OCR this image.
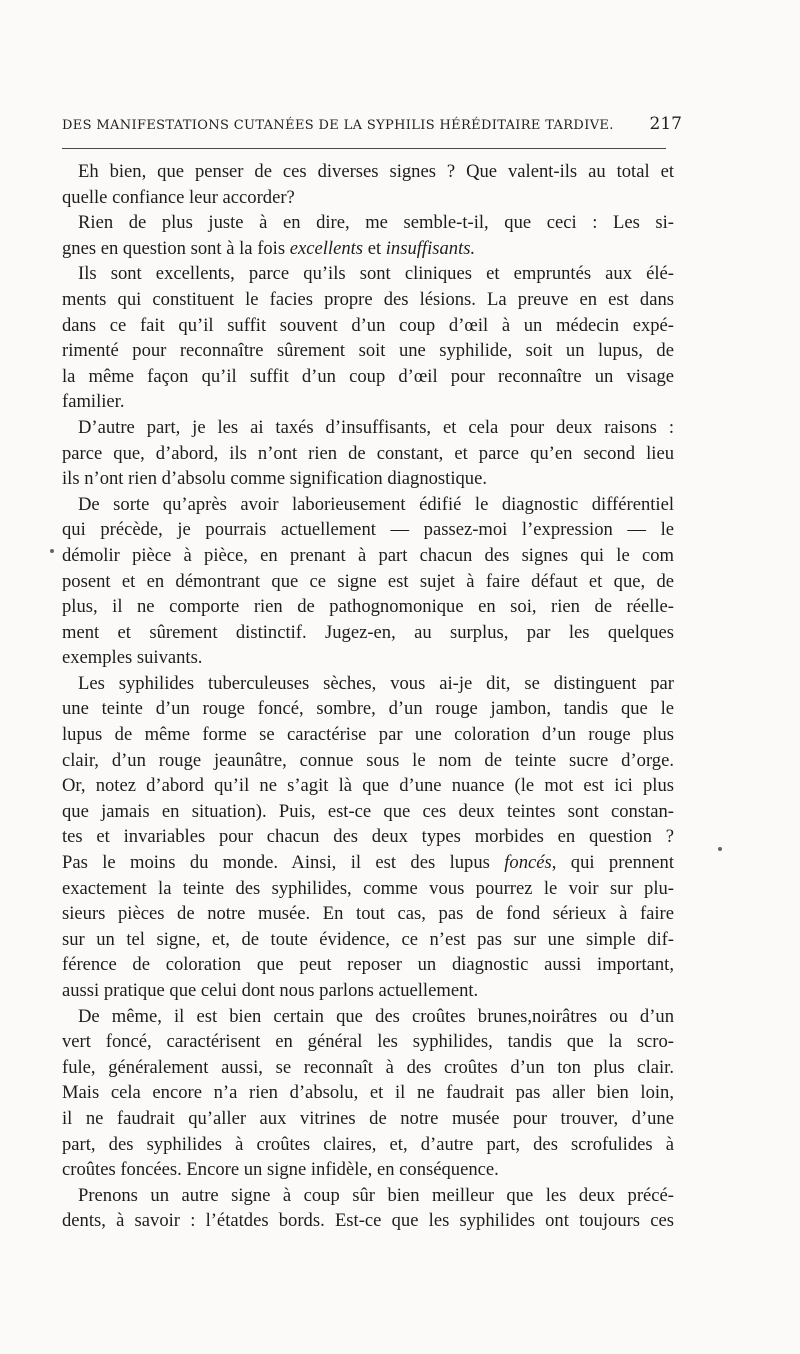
DES MANIFESTATIONS CUTANÉES DE LA SYPHILIS HÉRÉDITAIRE TARDIVE. 217
Eh bien, que penser de ces diverses signes ? Que valent-ils au total et
quelle confiance leur accorder?
Rien de plus juste à en dire, me semble-t-il, que ceci : Les si-
gnes en question sont à la fois excellents et insuffisants.
Ils sont excellents, parce qu’ils sont cliniques et empruntés aux élé-
ments qui constituent le facies propre des lésions. La preuve en est dans
dans ce fait qu’il suffit souvent d’un coup d’œil à un médecin expé-
rimenté pour reconnaître sûrement soit une syphilide, soit un lupus, de
la même façon qu’il suffit d’un coup d’œil pour reconnaître un visage
familier.
D’autre part, je les ai taxés d’insuffisants, et cela pour deux raisons :
parce que, d’abord, ils n’ont rien de constant, et parce qu’en second lieu
ils n’ont rien d’absolu comme signification diagnostique.
De sorte qu’après avoir laborieusement édifié le diagnostic différentiel
qui précède, je pourrais actuellement — passez-moi l’expression — le
démolir pièce à pièce, en prenant à part chacun des signes qui le com
posent et en démontrant que ce signe est sujet à faire défaut et que, de
plus, il ne comporte rien de pathognomonique en soi, rien de réelle-
ment et sûrement distinctif. Jugez-en, au surplus, par les quelques
exemples suivants.
Les syphilides tuberculeuses sèches, vous ai-je dit, se distinguent par
une teinte d’un rouge foncé, sombre, d’un rouge jambon, tandis que le
lupus de même forme se caractérise par une coloration d’un rouge plus
clair, d’un rouge jeaunâtre, connue sous le nom de teinte sucre d’orge.
Or, notez d’abord qu’il ne s’agit là que d’une nuance (le mot est ici plus
que jamais en situation). Puis, est-ce que ces deux teintes sont constan-
tes et invariables pour chacun des deux types morbides en question ?
Pas le moins du monde. Ainsi, il est des lupus foncés, qui prennent
exactement la teinte des syphilides, comme vous pourrez le voir sur plu-
sieurs pièces de notre musée. En tout cas, pas de fond sérieux à faire
sur un tel signe, et, de toute évidence, ce n’est pas sur une simple dif-
férence de coloration que peut reposer un diagnostic aussi important,
aussi pratique que celui dont nous parlons actuellement.
De même, il est bien certain que des croûtes brunes,noirâtres ou d’un
vert foncé, caractérisent en général les syphilides, tandis que la scro-
fule, généralement aussi, se reconnaît à des croûtes d’un ton plus clair.
Mais cela encore n’a rien d’absolu, et il ne faudrait pas aller bien loin,
il ne faudrait qu’aller aux vitrines de notre musée pour trouver, d’une
part, des syphilides à croûtes claires, et, d’autre part, des scrofulides à
croûtes foncées. Encore un signe infidèle, en conséquence.
Prenons un autre signe à coup sûr bien meilleur que les deux précé-
dents, à savoir : l’étatdes bords. Est-ce que les syphilides ont toujours ces
